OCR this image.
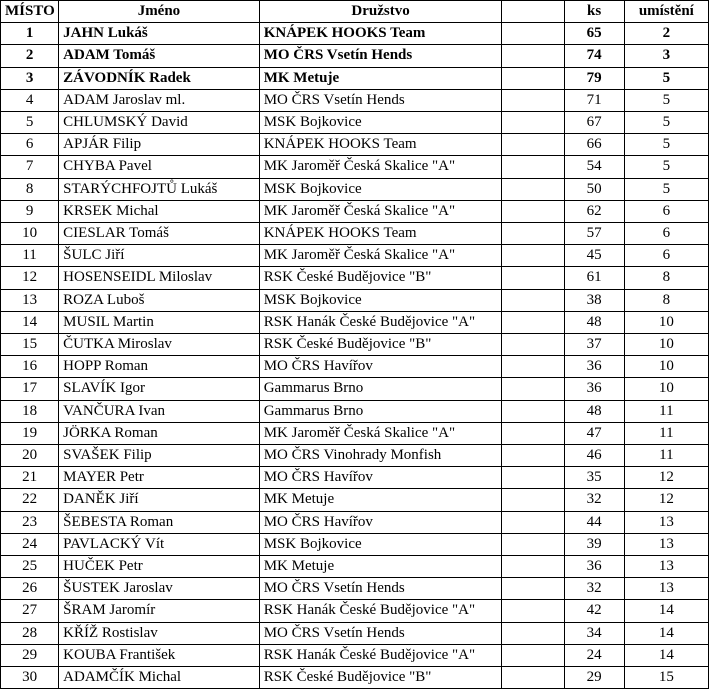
MÍSTO	Jméno	Družstvo		ks	umístění
1	JAHN Lukáš	KNÁPEK HOOKS Team		65	2
2	ADAM Tomáš	MO ČRS Vsetín Hends		74	3
3	ZÁVODNÍK Radek	MK Metuje		79	5
4	ADAM Jaroslav ml.	MO ČRS Vsetín Hends		71	5
5	CHLUMSKÝ David	MSK Bojkovice		67	5
6	APJÁR Filip	KNÁPEK HOOKS Team		66	5
7	CHYBA Pavel	MK Jaroměř Česká Skalice "A"		54	5
8	STARÝCHFOJTŮ Lukáš	MSK Bojkovice		50	5
9	KRSEK Michal	MK Jaroměř Česká Skalice "A"		62	6
10	CIESLAR Tomáš	KNÁPEK HOOKS Team		57	6
11	ŠULC Jiří	MK Jaroměř Česká Skalice "A"		45	6
12	HOSENSEIDL Miloslav	RSK České Budějovice "B"		61	8
13	ROZA Luboš	MSK Bojkovice		38	8
14	MUSIL Martin	RSK Hanák České Budějovice "A"		48	10
15	ČUTKA Miroslav	RSK České Budějovice "B"		37	10
16	HOPP Roman	MO ČRS Havířov		36	10
17	SLAVÍK Igor	Gammarus Brno		36	10
18	VANČURA Ivan	Gammarus Brno		48	11
19	JÖRKA Roman	MK Jaroměř Česká Skalice "A"		47	11
20	SVAŠEK Filip	MO ČRS Vinohrady Monfish		46	11
21	MAYER Petr	MO ČRS Havířov		35	12
22	DANĚK Jiří	MK Metuje		32	12
23	ŠEBESTA Roman	MO ČRS Havířov		44	13
24	PAVLACKÝ Vít	MSK Bojkovice		39	13
25	HUČEK Petr	MK Metuje		36	13
26	ŠUSTEK Jaroslav	MO ČRS Vsetín Hends		32	13
27	ŠRAM Jaromír	RSK Hanák České Budějovice "A"		42	14
28	KŘÍŽ Rostislav	MO ČRS Vsetín Hends		34	14
29	KOUBA František	RSK Hanák České Budějovice "A"		24	14
30	ADAMČÍK Michal	RSK České Budějovice "B"		29	15
